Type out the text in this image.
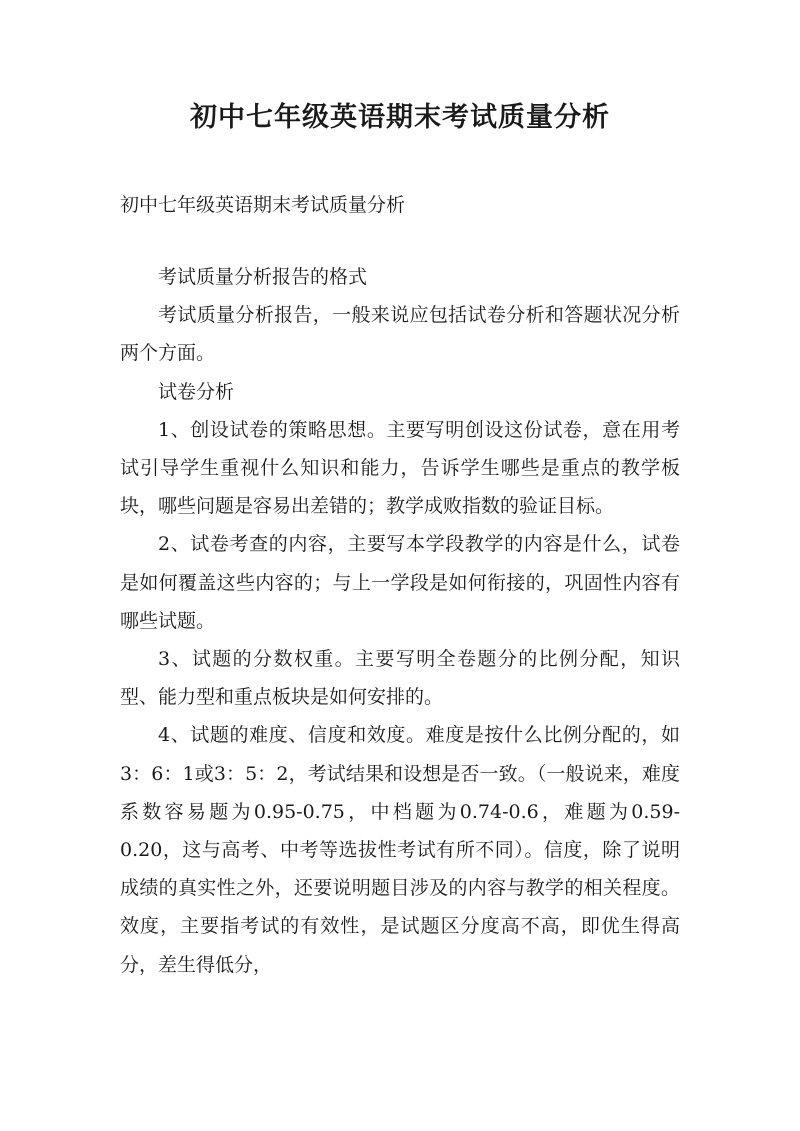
初中七年级英语期末考试质量分析

初中七年级英语期末考试质量分析

考试质量分析报告的格式

考试质量分析报告，一般来说应包括试卷分析和答题状况分析两个方面。

试卷分析

1、创设试卷的策略思想。主要写明创设这份试卷，意在用考试引导学生重视什么知识和能力，告诉学生哪些是重点的教学板块，哪些问题是容易出差错的；教学成败指数的验证目标。

2、试卷考查的内容，主要写本学段教学的内容是什么，试卷是如何覆盖这些内容的；与上一学段是如何衔接的，巩固性内容有哪些试题。

3、试题的分数权重。主要写明全卷题分的比例分配，知识型、能力型和重点板块是如何安排的。

4、试题的难度、信度和效度。难度是按什么比例分配的，如3：6：1或3：5：2，考试结果和设想是否一致。（一般说来，难度系数容易题为0.95-0.75，中档题为0.74-0.6，难题为0.59-0.20，这与高考、中考等选拔性考试有所不同）。信度，除了说明成绩的真实性之外，还要说明题目涉及的内容与教学的相关程度。效度，主要指考试的有效性，是试题区分度高不高，即优生得高分，差生得低分，
